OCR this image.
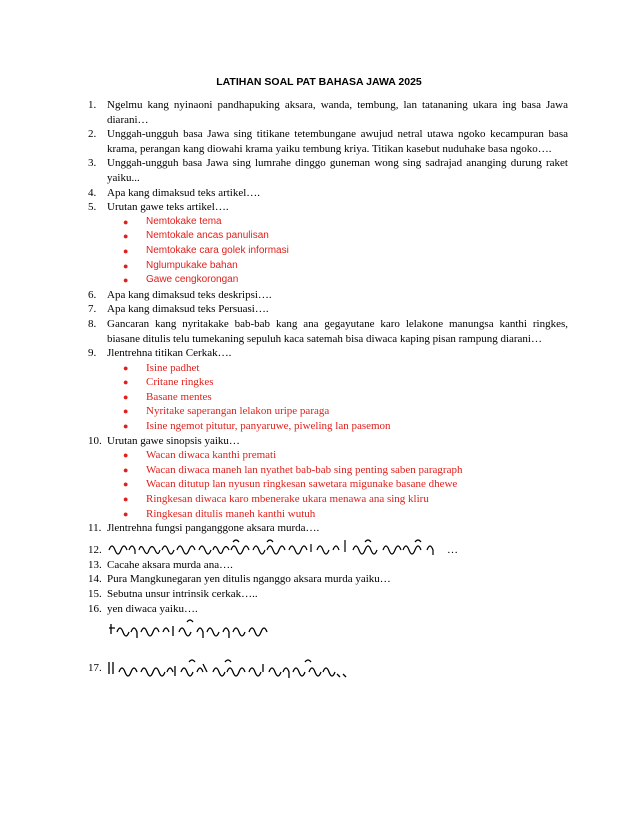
LATIHAN SOAL PAT BAHASA JAWA 2025
1. Ngelmu kang nyinaoni pandhapuking aksara, wanda, tembung, lan tatananing ukara ing basa Jawa diarani…
2. Unggah-ungguh basa Jawa sing titikane tetembungane awujud netral utawa ngoko kecampuran basa krama, perangan kang diowahi krama yaiku tembung kriya. Titikan kasebut nuduhake basa ngoko….
3. Unggah-ungguh basa Jawa sing lumrahe dinggo guneman wong sing sadrajad ananging durung raket yaiku...
4. Apa kang dimaksud teks artikel….
5. Urutan gawe teks artikel….
●	Nemtokake tema
●	Nemtokale ancas panulisan
●	Nemtokake cara golek informasi
●	Nglumpukake bahan
●	Gawe cengkorongan
6. Apa kang dimaksud teks deskripsi….
7. Apa kang dimaksud teks Persuasi….
8. Gancaran kang nyritakake bab-bab kang ana gegayutane karo lelakone manungsa kanthi ringkes, biasane ditulis telu tumekaning sepuluh kaca satemah bisa diwaca kaping pisan rampung diarani…
9. Jlentrehna titikan Cerkak….
●	Isine padhet
●	Critane ringkes
●	Basane mentes
●	Nyritake saperangan lelakon uripe paraga
●	Isine ngemot pitutur, panyaruwe, piweling lan pasemon
10. Urutan gawe sinopsis yaiku…
●	Wacan diwaca kanthi premati
●	Wacan diwaca maneh lan nyathet bab-bab sing penting saben paragraph
●	Wacan ditutup lan nyusun ringkesan sawetara migunake basane dhewe
●	Ringkesan diwaca karo mbenerake ukara menawa ana sing kliru
●	Ringkesan ditulis maneh kanthi wutuh
11. Jlentrehna fungsi panganggone aksara murda….
12.	…
13. Cacahe aksara murda ana….
14. Pura Mangkunegaran yen ditulis nganggo aksara murda yaiku…
15. Sebutna unsur intrinsik cerkak…..
16. yen diwaca yaiku….
17.
